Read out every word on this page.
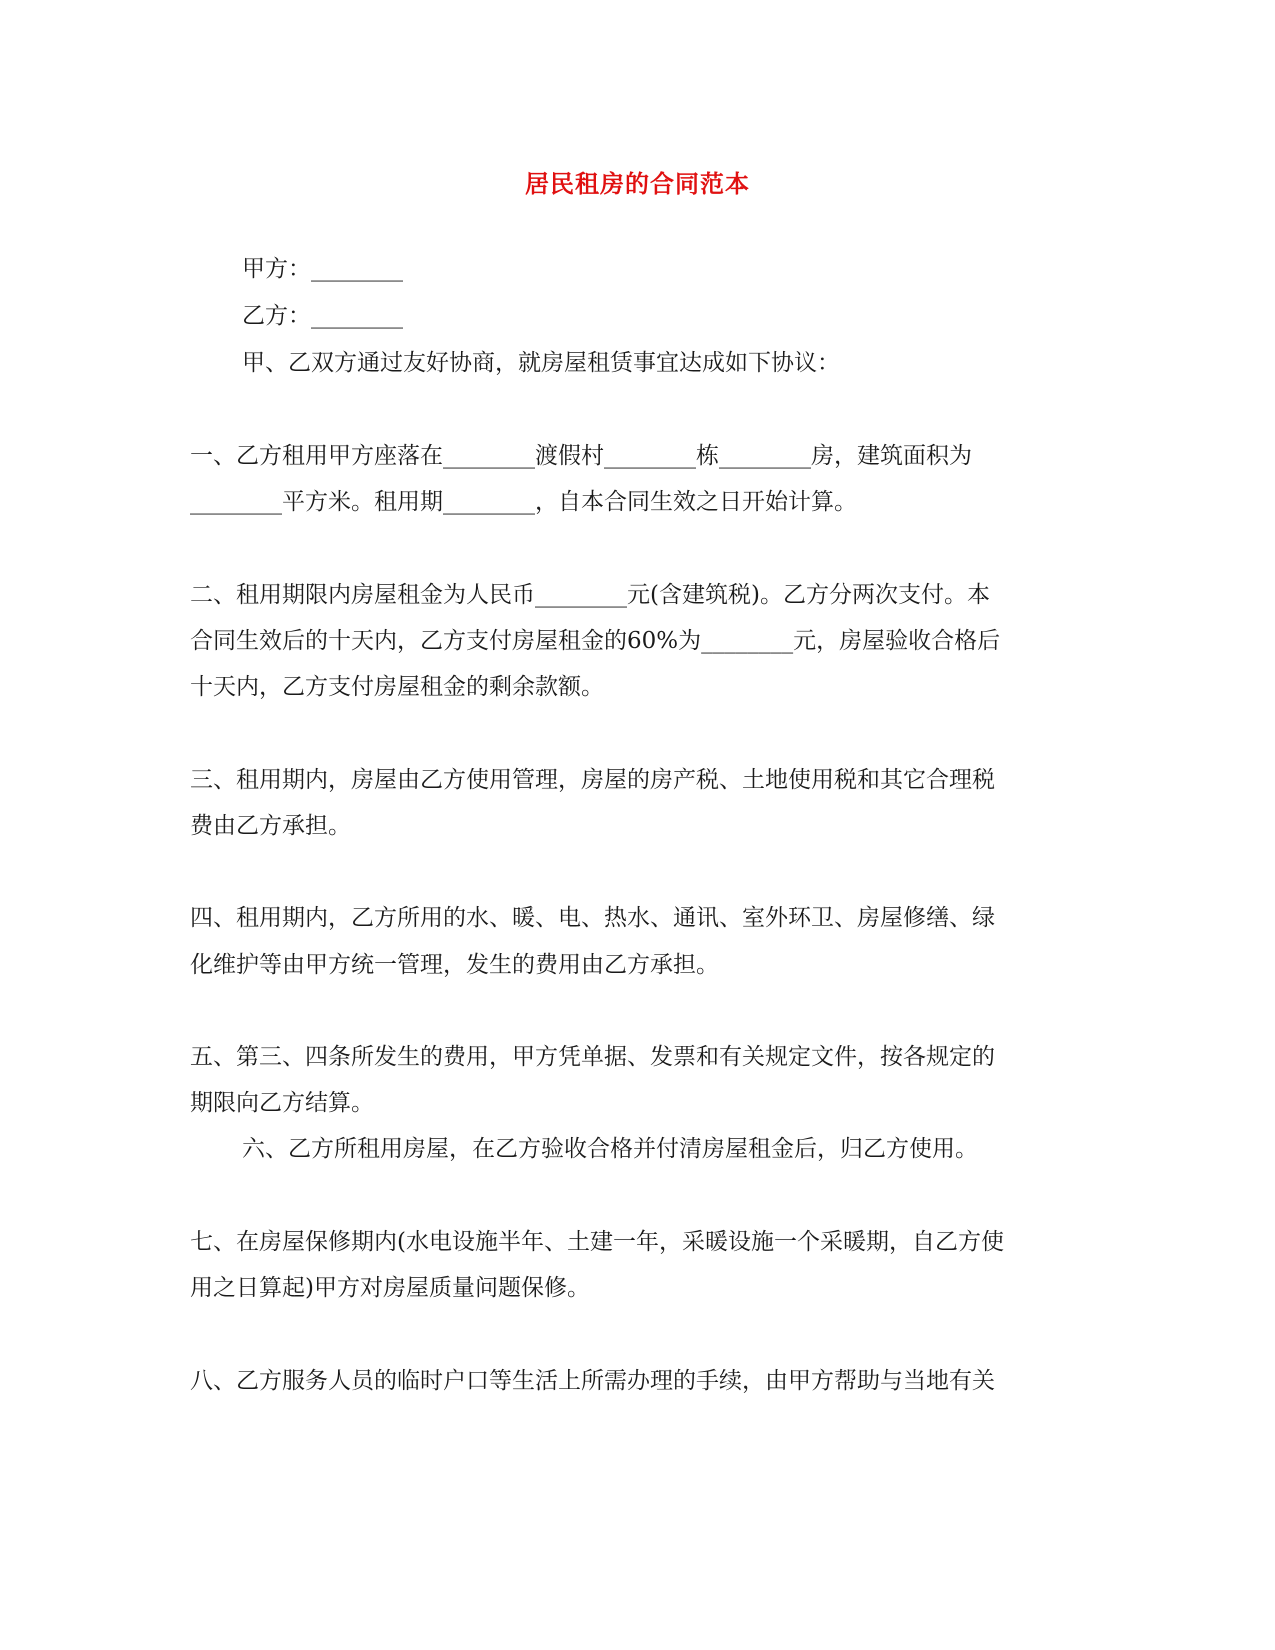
居民租房的合同范本
甲方：________
乙方：________
甲、乙双方通过友好协商，就房屋租赁事宜达成如下协议：
一、乙方租用甲方座落在________渡假村________栋________房，建筑面积为
________平方米。租用期________，自本合同生效之日开始计算。
二、租用期限内房屋租金为人民币________元(含建筑税)。乙方分两次支付。本
合同生效后的十天内，乙方支付房屋租金的60%为________元，房屋验收合格后
十天内，乙方支付房屋租金的剩余款额。
三、租用期内，房屋由乙方使用管理，房屋的房产税、土地使用税和其它合理税
费由乙方承担。
四、租用期内，乙方所用的水、暖、电、热水、通讯、室外环卫、房屋修缮、绿
化维护等由甲方统一管理，发生的费用由乙方承担。
五、第三、四条所发生的费用，甲方凭单据、发票和有关规定文件，按各规定的
期限向乙方结算。
六、乙方所租用房屋，在乙方验收合格并付清房屋租金后，归乙方使用。
七、在房屋保修期内(水电设施半年、土建一年，采暖设施一个采暖期，自乙方使
用之日算起)甲方对房屋质量问题保修。
八、乙方服务人员的临时户口等生活上所需办理的手续，由甲方帮助与当地有关
